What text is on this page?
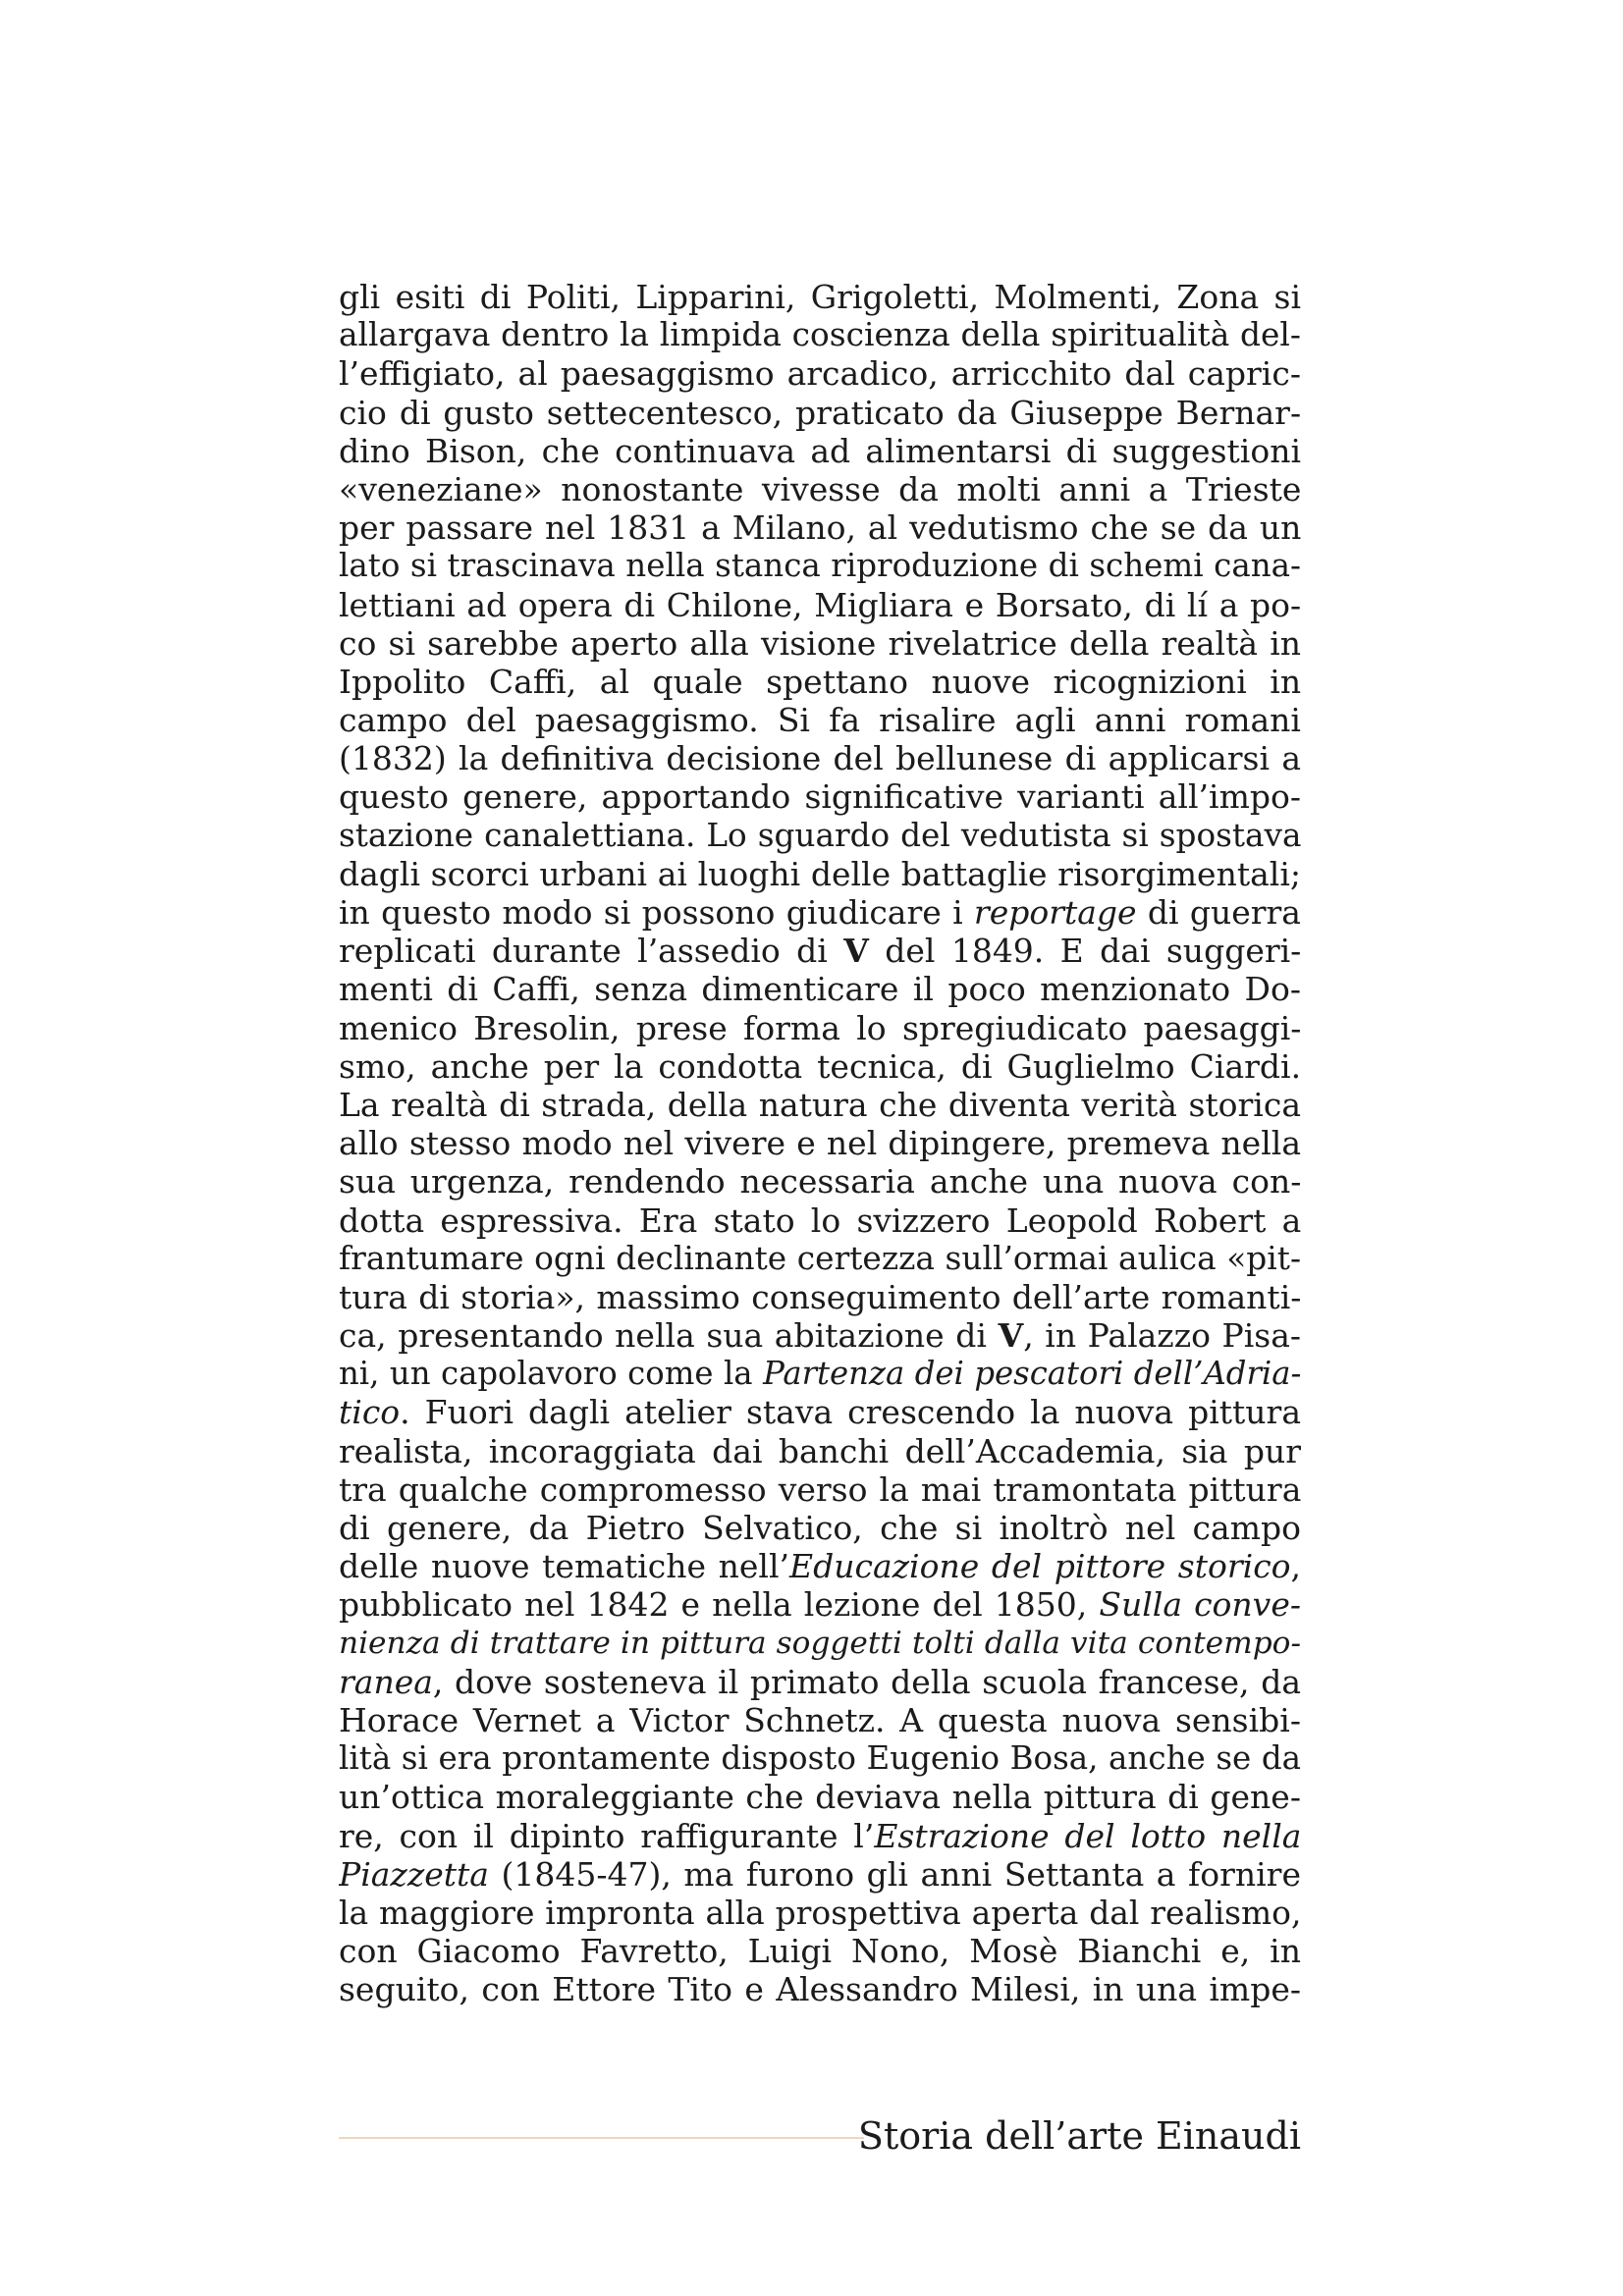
gli esiti di Politi, Lipparini, Grigoletti, Molmenti, Zona si
allargava dentro la limpida coscienza della spiritualità del-
l’effigiato, al paesaggismo arcadico, arricchito dal capric-
cio di gusto settecentesco, praticato da Giuseppe Bernar-
dino Bison, che continuava ad alimentarsi di suggestioni
«veneziane» nonostante vivesse da molti anni a Trieste
per passare nel 1831 a Milano, al vedutismo che se da un
lato si trascinava nella stanca riproduzione di schemi cana-
lettiani ad opera di Chilone, Migliara e Borsato, di lí a po-
co si sarebbe aperto alla visione rivelatrice della realtà in
Ippolito Caffi, al quale spettano nuove ricognizioni in
campo del paesaggismo. Si fa risalire agli anni romani
(1832) la definitiva decisione del bellunese di applicarsi a
questo genere, apportando significative varianti all’impo-
stazione canalettiana. Lo sguardo del vedutista si spostava
dagli scorci urbani ai luoghi delle battaglie risorgimentali;
in questo modo si possono giudicare i reportage di guerra
replicati durante l’assedio di V del 1849. E dai suggeri-
menti di Caffi, senza dimenticare il poco menzionato Do-
menico Bresolin, prese forma lo spregiudicato paesaggi-
smo, anche per la condotta tecnica, di Guglielmo Ciardi.
La realtà di strada, della natura che diventa verità storica
allo stesso modo nel vivere e nel dipingere, premeva nella
sua urgenza, rendendo necessaria anche una nuova con-
dotta espressiva. Era stato lo svizzero Leopold Robert a
frantumare ogni declinante certezza sull’ormai aulica «pit-
tura di storia», massimo conseguimento dell’arte romanti-
ca, presentando nella sua abitazione di V, in Palazzo Pisa-
ni, un capolavoro come la Partenza dei pescatori dell’Adria-
tico. Fuori dagli atelier stava crescendo la nuova pittura
realista, incoraggiata dai banchi dell’Accademia, sia pur
tra qualche compromesso verso la mai tramontata pittura
di genere, da Pietro Selvatico, che si inoltrò nel campo
delle nuove tematiche nell’Educazione del pittore storico,
pubblicato nel 1842 e nella lezione del 1850, Sulla conve-
nienza di trattare in pittura soggetti tolti dalla vita contempo-
ranea, dove sosteneva il primato della scuola francese, da
Horace Vernet a Victor Schnetz. A questa nuova sensibi-
lità si era prontamente disposto Eugenio Bosa, anche se da
un’ottica moraleggiante che deviava nella pittura di gene-
re, con il dipinto raffigurante l’Estrazione del lotto nella
Piazzetta (1845-47), ma furono gli anni Settanta a fornire
la maggiore impronta alla prospettiva aperta dal realismo,
con Giacomo Favretto, Luigi Nono, Mosè Bianchi e, in
seguito, con Ettore Tito e Alessandro Milesi, in una impe-
Storia dell’arte Einaudi
